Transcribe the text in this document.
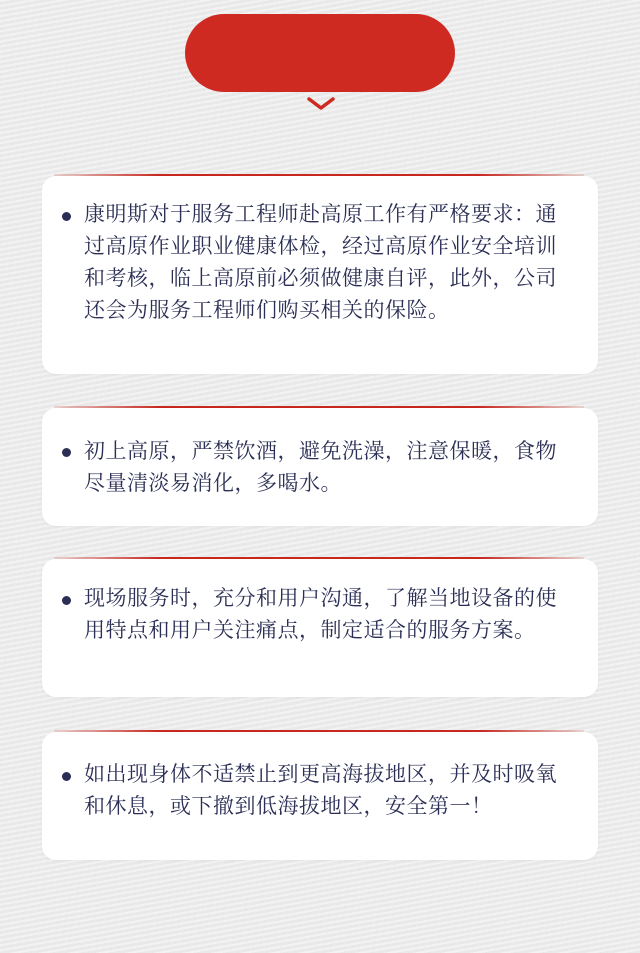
康明斯对于服务工程师赴高原工作有严格要求：通过高原作业职业健康体检，经过高原作业安全培训和考核，临上高原前必须做健康自评，此外，公司还会为服务工程师们购买相关的保险。
初上高原，严禁饮酒，避免洗澡，注意保暖，食物尽量清淡易消化，多喝水。
现场服务时，充分和用户沟通，了解当地设备的使用特点和用户关注痛点，制定适合的服务方案。
如出现身体不适禁止到更高海拔地区，并及时吸氧和休息，或下撤到低海拔地区，安全第一！
